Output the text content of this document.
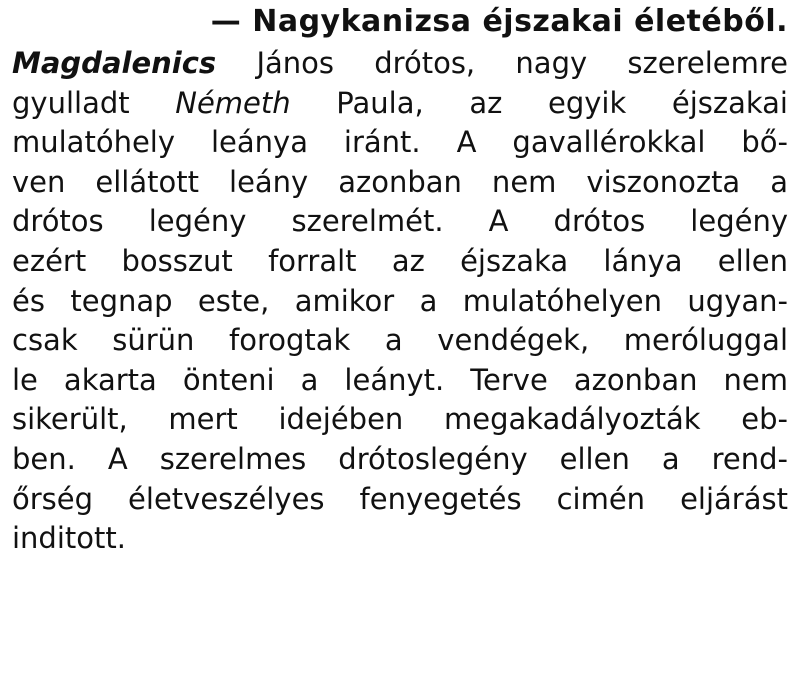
— Nagykanizsa éjszakai életéből.
Magdalenics János drótos, nagy szerelemre
gyulladt Németh Paula, az egyik éjszakai
mulatóhely leánya iránt. A gavallérokkal bő-
ven ellátott leány azonban nem viszonozta a
drótos legény szerelmét. A drótos legény
ezért bosszut forralt az éjszaka lánya ellen
és tegnap este, amikor a mulatóhelyen ugyan-
csak sürün forogtak a vendégek, meróluggal
le akarta önteni a leányt. Terve azonban nem
sikerült, mert idejében megakadályozták eb-
ben. A szerelmes drótoslegény ellen a rend-
őrség életveszélyes fenyegetés cimén eljárást
inditott.
